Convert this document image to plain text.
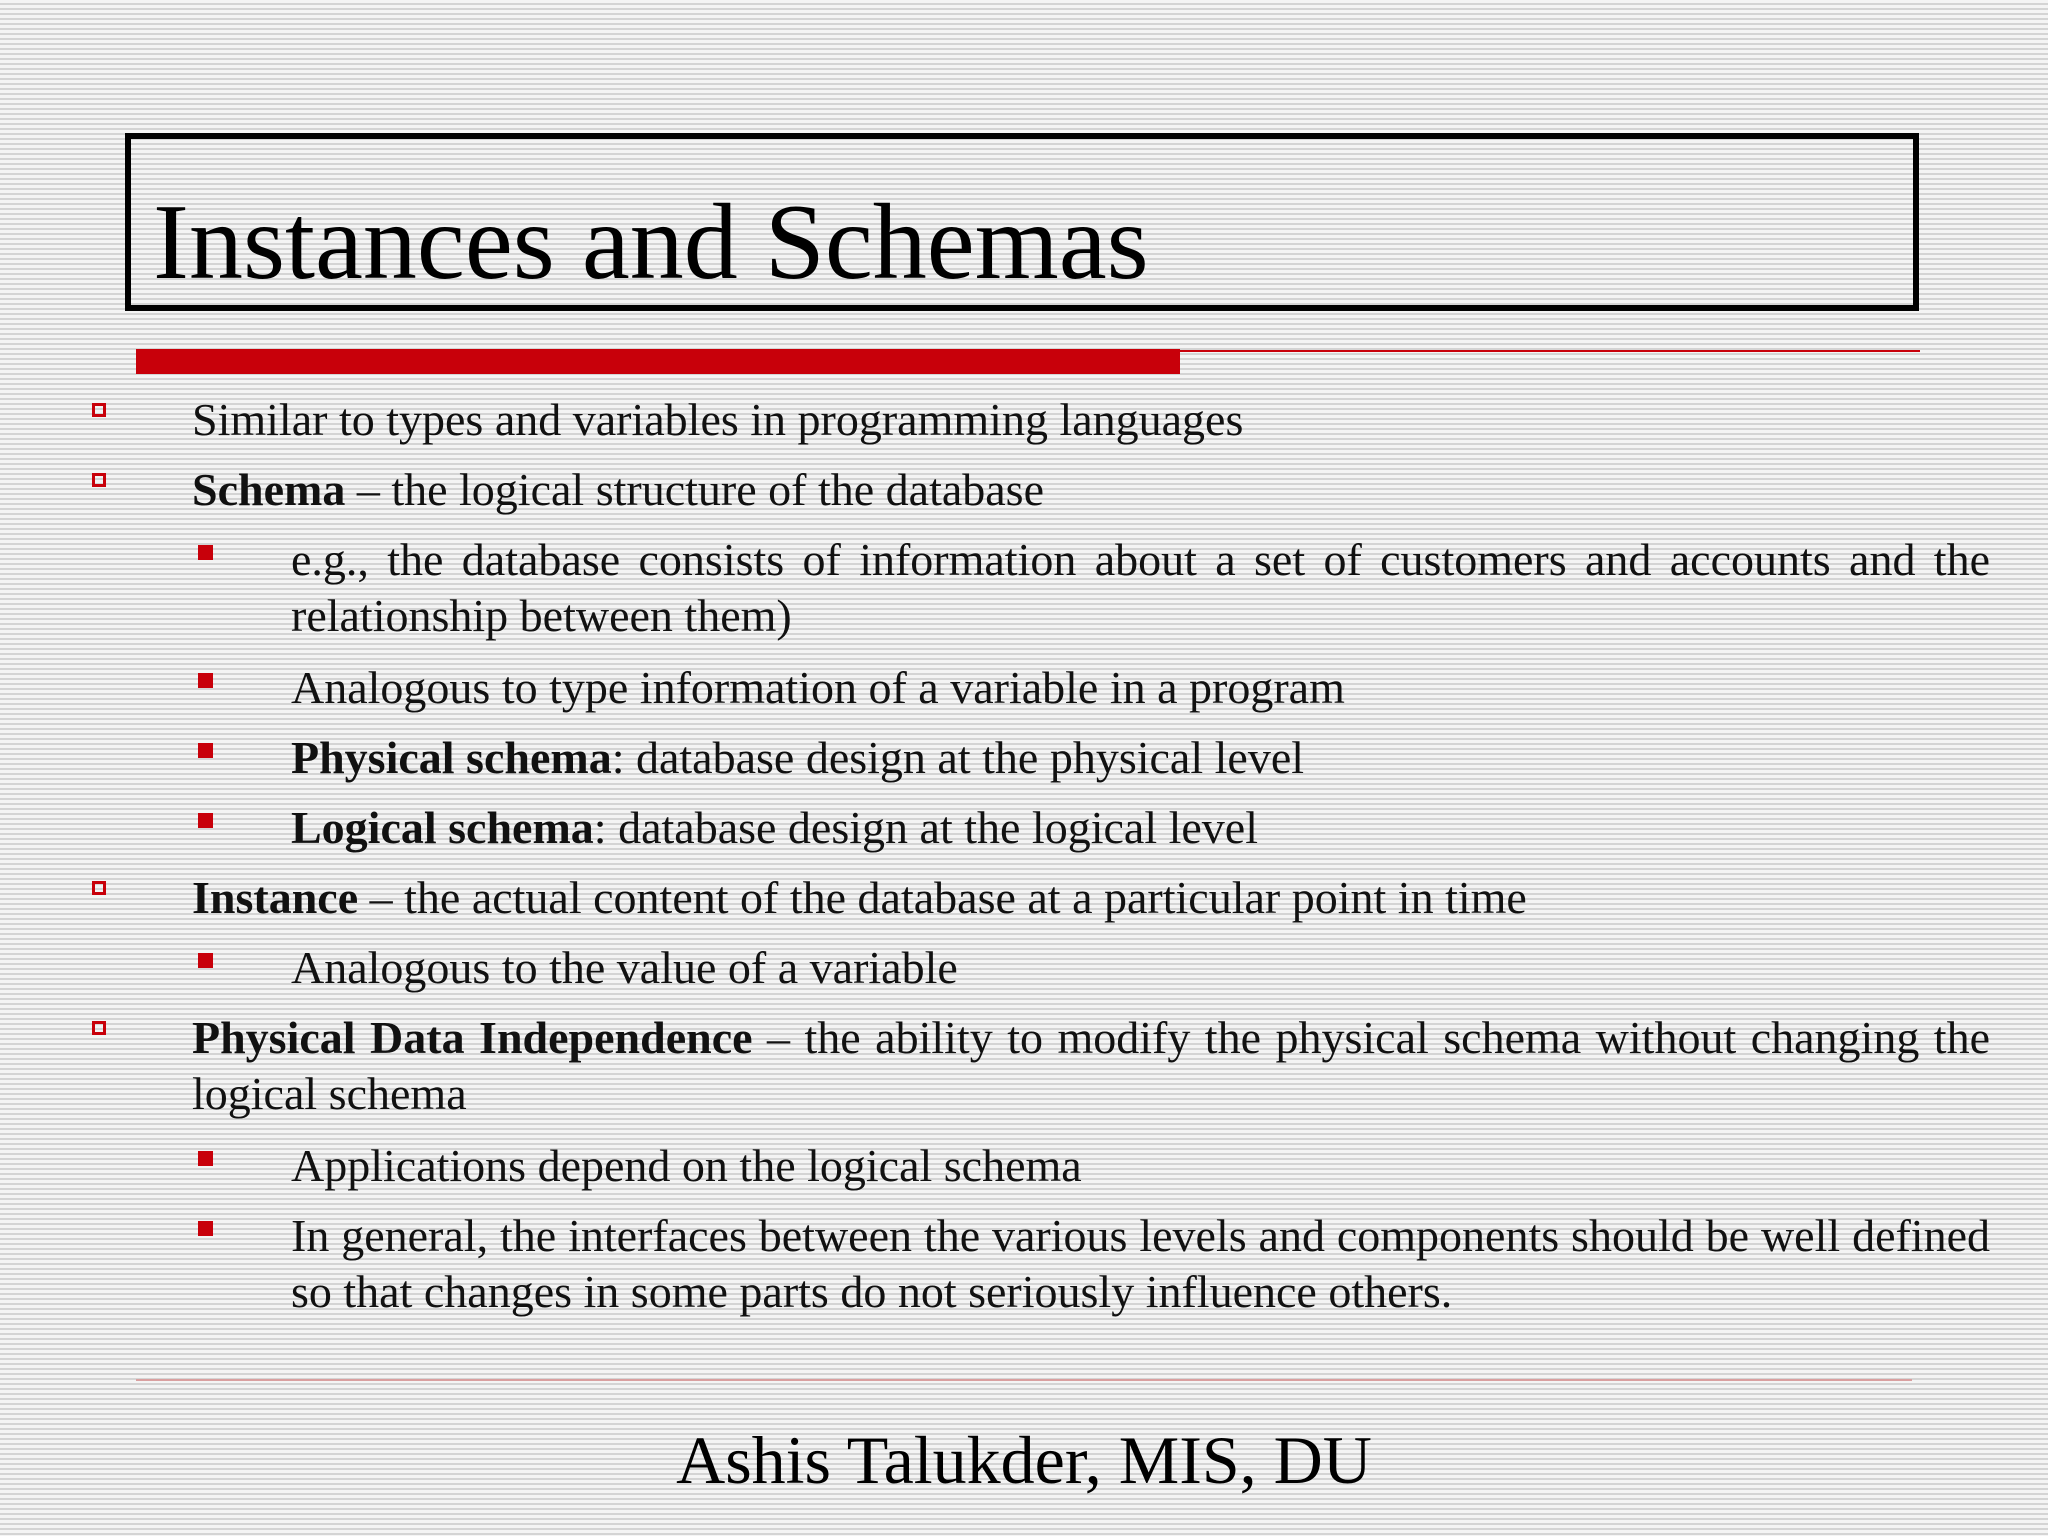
Instances and Schemas
Similar to types and variables in programming languages
Schema – the logical structure of the database
e.g., the database consists of information about a set of customers and accounts and the relationship between them)
Analogous to type information of a variable in a program
Physical schema: database design at the physical level
Logical schema: database design at the logical level
Instance – the actual content of the database at a particular point in time
Analogous to the value of a variable
Physical Data Independence – the ability to modify the physical schema without changing the logical schema
Applications depend on the logical schema
In general, the interfaces between the various levels and components should be well defined so that changes in some parts do not seriously influence others.
Ashis Talukder, MIS, DU
